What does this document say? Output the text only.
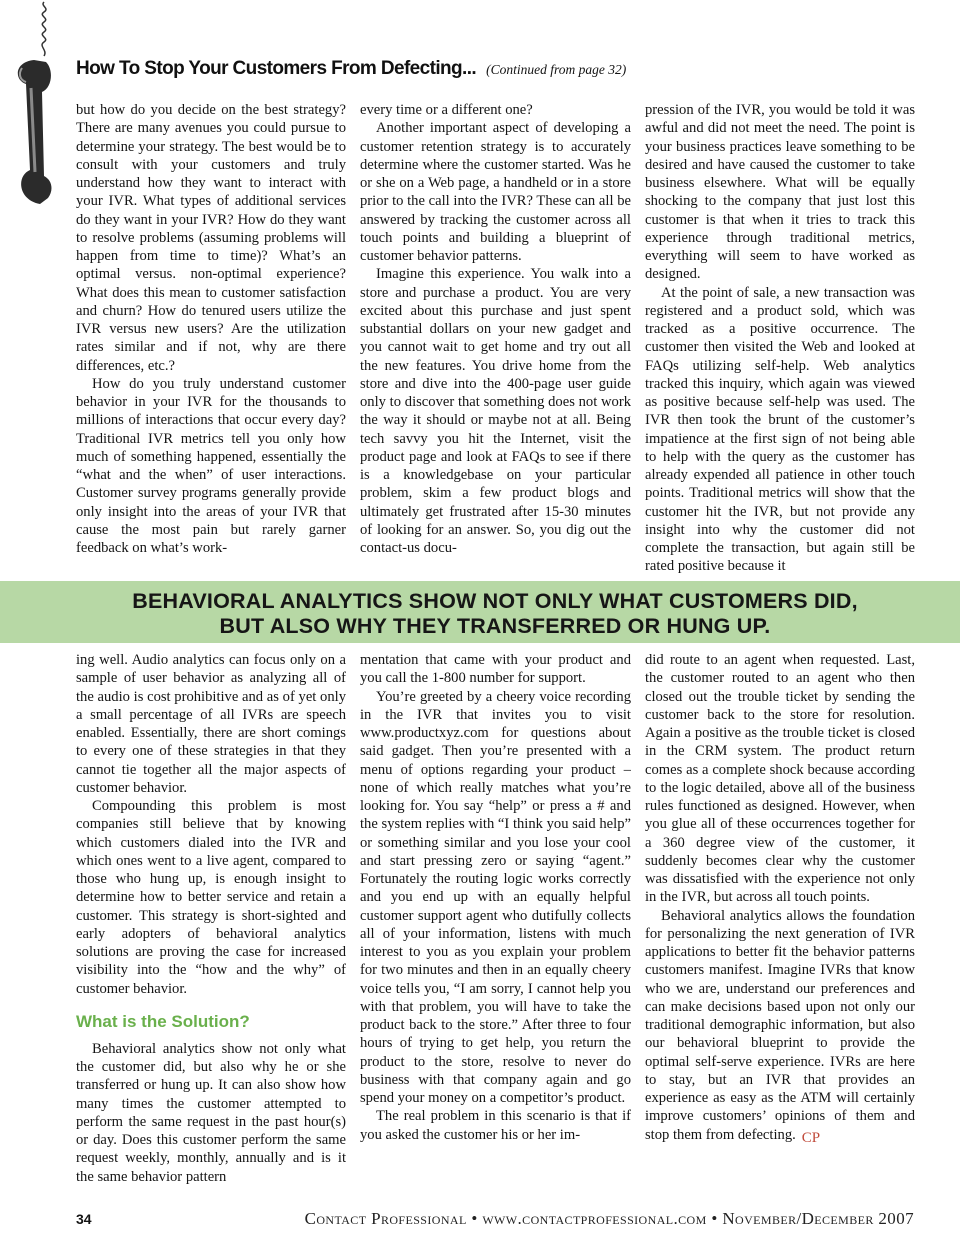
How To Stop Your Customers From Defecting... (Continued from page 32)

but how do you decide on the best strategy? There are many avenues you could pursue to determine your strategy. The best would be to consult with your customers and truly understand how they want to interact with your IVR. What types of additional services do they want in your IVR? How do they want to resolve problems (assuming problems will happen from time to time)? What’s an optimal versus. non-optimal experience? What does this mean to customer satisfaction and churn? How do tenured users utilize the IVR versus new users? Are the utilization rates similar and if not, why are there differences, etc.?

How do you truly understand customer behavior in your IVR for the thousands to millions of interactions that occur every day? Traditional IVR metrics tell you only how much of something happened, essentially the “what and the when” of user interactions. Customer survey programs generally provide only insight into the areas of your IVR that cause the most pain but rarely garner feedback on what’s work-

every time or a different one?

Another important aspect of developing a customer retention strategy is to accurately determine where the customer started. Was he or she on a Web page, a handheld or in a store prior to the call into the IVR? These can all be answered by tracking the customer across all touch points and building a blueprint of customer behavior patterns.

Imagine this experience. You walk into a store and purchase a product. You are very excited about this purchase and just spent substantial dollars on your new gadget and you cannot wait to get home and try out all the new features. You drive home from the store and dive into the 400-page user guide only to discover that something does not work the way it should or maybe not at all. Being tech savvy you hit the Internet, visit the product page and look at FAQs to see if there is a knowledgebase on your particular problem, skim a few product blogs and ultimately get frustrated after 15-30 minutes of looking for an answer. So, you dig out the contact-us docu-

pression of the IVR, you would be told it was awful and did not meet the need. The point is your business practices leave something to be desired and have caused the customer to take business elsewhere. What will be equally shocking to the company that just lost this customer is that when it tries to track this experience through traditional metrics, everything will seem to have worked as designed.

At the point of sale, a new transaction was registered and a product sold, which was tracked as a positive occurrence. The customer then visited the Web and looked at FAQs utilizing self-help. Web analytics tracked this inquiry, which again was viewed as positive because self-help was used. The IVR then took the brunt of the customer’s impatience at the first sign of not being able to help with the query as the customer has already expended all patience in other touch points. Traditional metrics will show that the customer hit the IVR, but not provide any insight into why the customer did not complete the transaction, but again still be rated positive because it

BEHAVIORAL ANALYTICS SHOW NOT ONLY WHAT CUSTOMERS DID,
BUT ALSO WHY THEY TRANSFERRED OR HUNG UP.

ing well. Audio analytics can focus only on a sample of user behavior as analyzing all of the audio is cost prohibitive and as of yet only a small percentage of all IVRs are speech enabled. Essentially, there are short comings to every one of these strategies in that they cannot tie together all the major aspects of customer behavior.

Compounding this problem is most companies still believe that by knowing which customers dialed into the IVR and which ones went to a live agent, compared to those who hung up, is enough insight to determine how to better service and retain a customer. This strategy is short-sighted and early adopters of behavioral analytics solutions are proving the case for increased visibility into the “how and the why” of customer behavior.

What is the Solution?

Behavioral analytics show not only what the customer did, but also why he or she transferred or hung up. It can also show how many times the customer attempted to perform the same request in the past hour(s) or day. Does this customer perform the same request weekly, monthly, annually and is it the same behavior pattern

mentation that came with your product and you call the 1-800 number for support.

You’re greeted by a cheery voice recording in the IVR that invites you to visit www.productxyz.com for questions about said gadget. Then you’re presented with a menu of options regarding your product – none of which really matches what you’re looking for. You say “help” or press a # and the system replies with “I think you said help” or something similar and you lose your cool and start pressing zero or saying “agent.” Fortunately the routing logic works correctly and you end up with an equally helpful customer support agent who dutifully collects all of your information, listens with much interest to you as you explain your problem for two minutes and then in an equally cheery voice tells you, “I am sorry, I cannot help you with that problem, you will have to take the product back to the store.” After three to four hours of trying to get help, you return the product to the store, resolve to never do business with that company again and go spend your money on a competitor’s product.

The real problem in this scenario is that if you asked the customer his or her im-

did route to an agent when requested. Last, the customer routed to an agent who then closed out the trouble ticket by sending the customer back to the store for resolution. Again a positive as the trouble ticket is closed in the CRM system. The product return comes as a complete shock because according to the logic detailed, above all of the business rules functioned as designed. However, when you glue all of these occurrences together for a 360 degree view of the customer, it suddenly becomes clear why the customer was dissatisfied with the experience not only in the IVR, but across all touch points.

Behavioral analytics allows the foundation for personalizing the next generation of IVR applications to better fit the behavior patterns customers manifest. Imagine IVRs that know who we are, understand our preferences and can make decisions based upon not only our traditional demographic information, but also our behavioral blueprint to provide the optimal self-serve experience. IVRs are here to stay, but an IVR that provides an experience as easy as the ATM will certainly improve customers’ opinions of them and stop them from defecting. CP

34	Contact Professional • www.contactprofessional.com • November/December 2007
